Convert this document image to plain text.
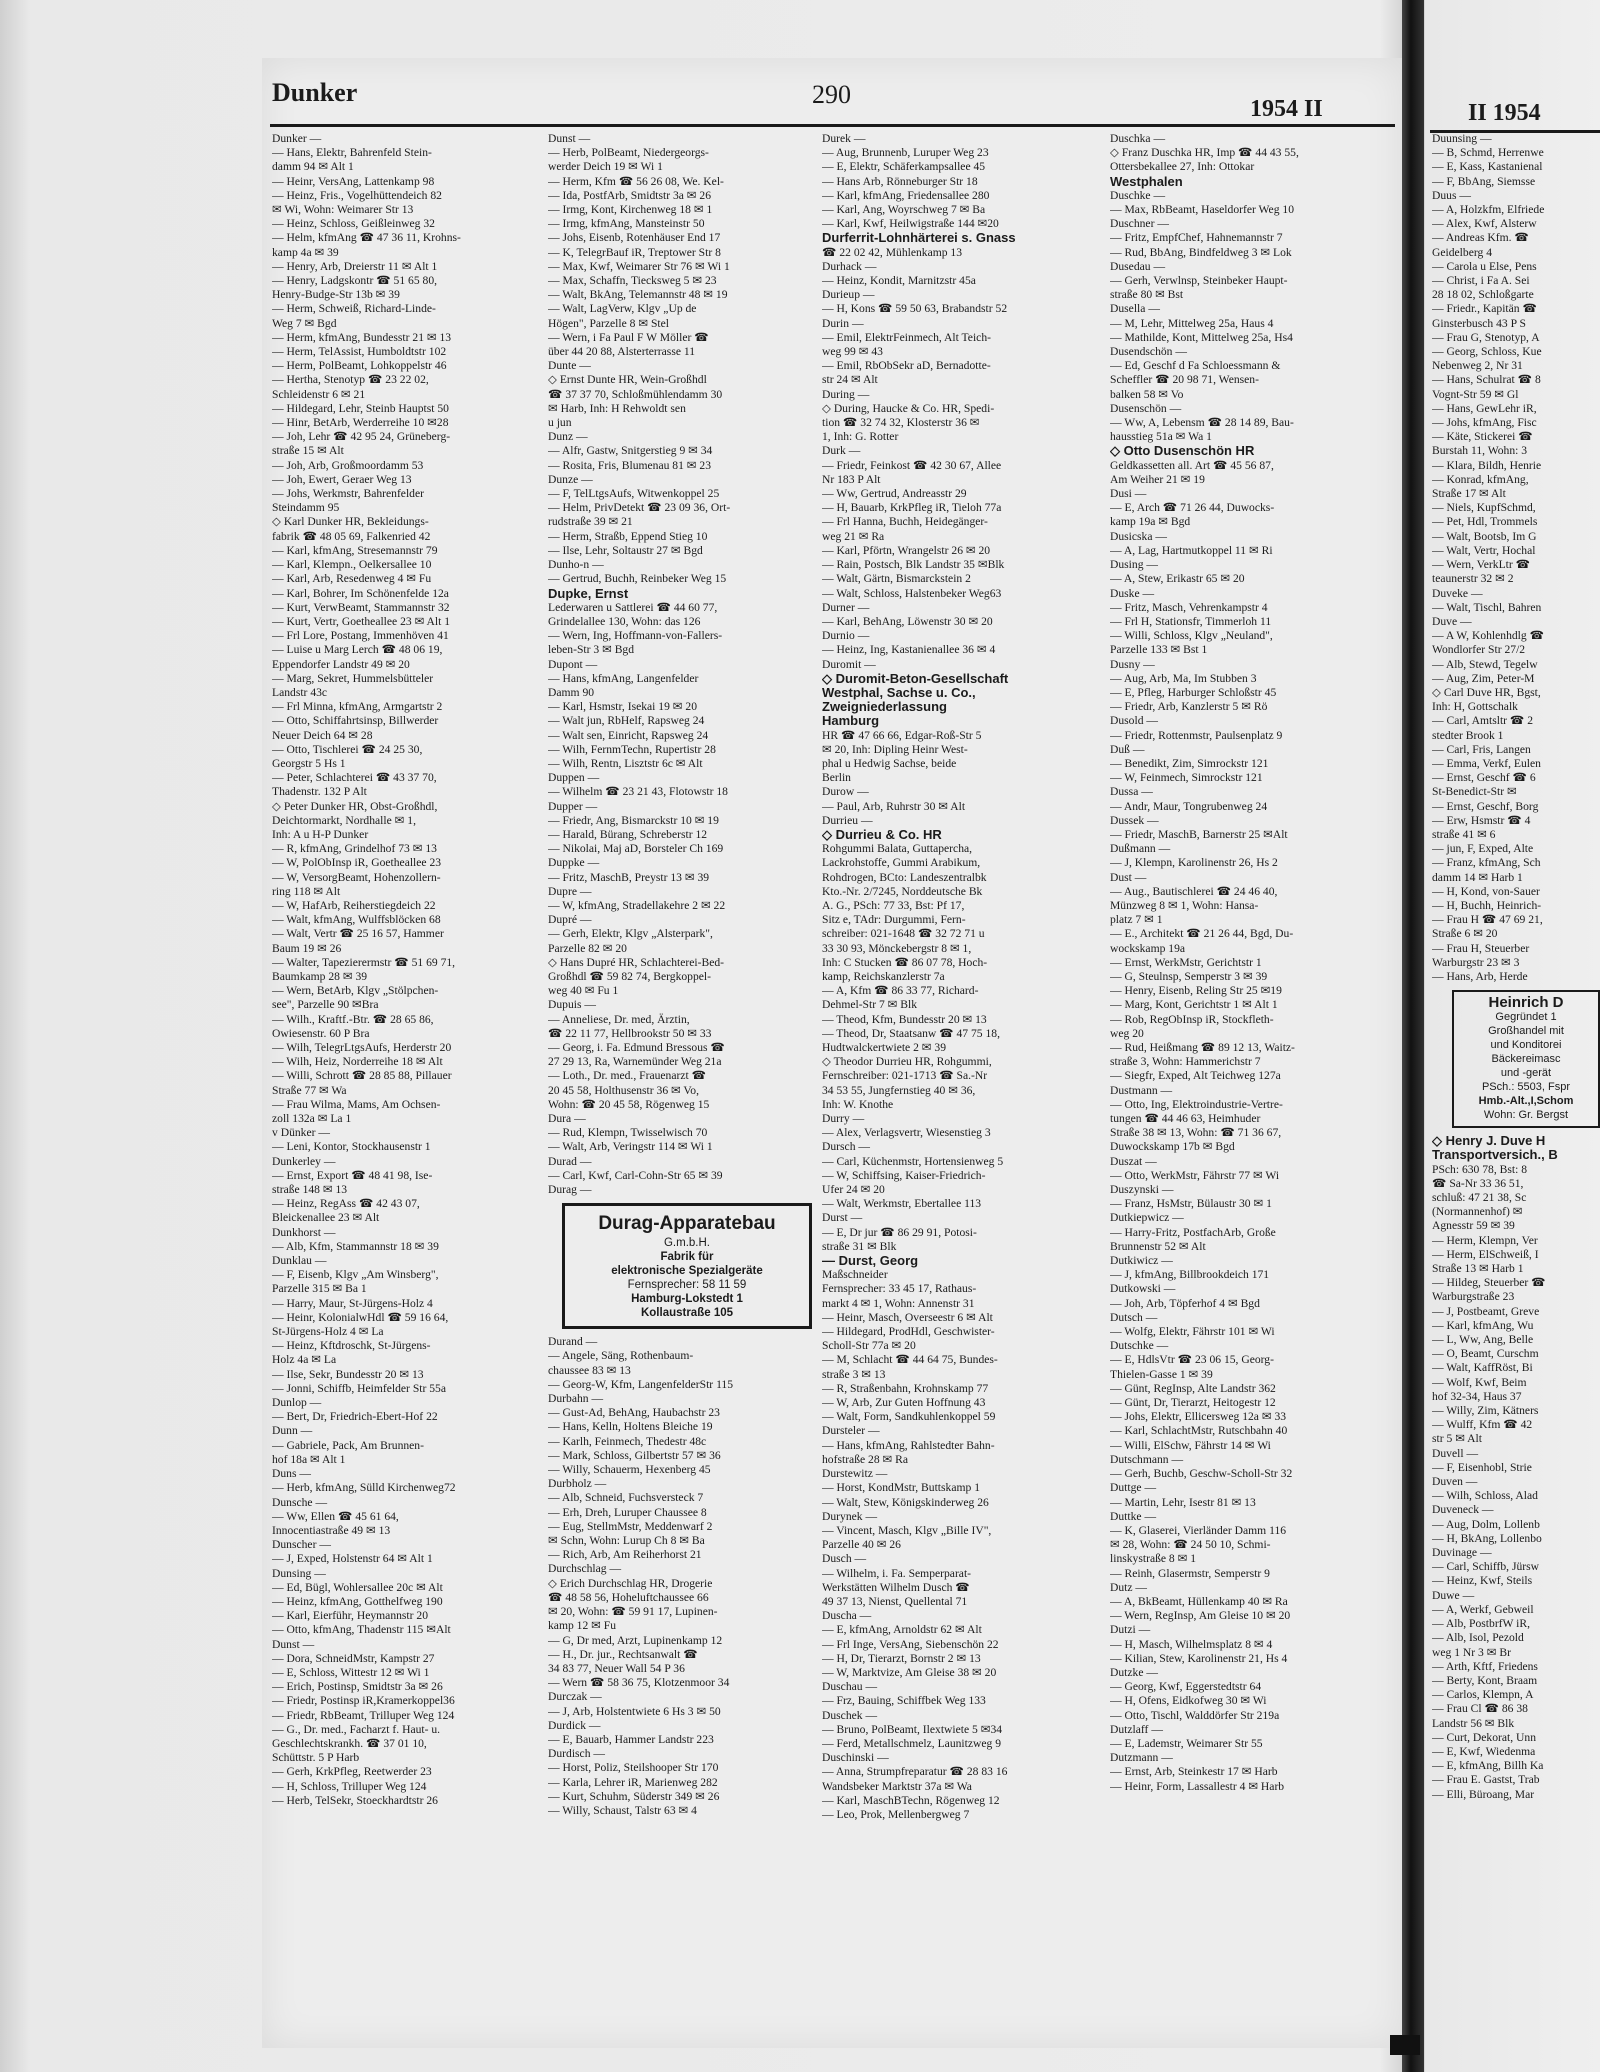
Dunker	290	1954 II	II 1954
Dunker —
— Hans, Elektr, Bahrenfeld Stein-
damm 94 ✉ Alt 1
— Heinr, VersAng, Lattenkamp 98
— Heinz, Fris., Vogelhüttendeich 82
✉ Wi, Wohn: Weimarer Str 13
— Heinz, Schloss, Geißleinweg 32
— Helm, kfmAng ☎ 47 36 11, Krohns-
kamp 4a ✉ 39
— Henry, Arb, Dreierstr 11 ✉ Alt 1
— Henry, Ladgskontr ☎ 51 65 80,
Henry-Budge-Str 13b ✉ 39
— Herm, Schweiß, Richard-Linde-
Weg 7 ✉ Bgd
— Herm, kfmAng, Bundesstr 21 ✉ 13
— Herm, TelAssist, Humboldtstr 102
— Herm, PolBeamt, Lohkoppelstr 46
— Hertha, Stenotyp ☎ 23 22 02,
Schleidenstr 6 ✉ 21
— Hildegard, Lehr, Steinb Hauptst 50
— Hinr, BetArb, Werderreihe 10 ✉28
— Joh, Lehr ☎ 42 95 24, Grüneberg-
straße 15 ✉ Alt
— Joh, Arb, Großmoordamm 53
— Joh, Ewert, Geraer Weg 13
— Johs, Werkmstr, Bahrenfelder
Steindamm 95
◇ Karl Dunker HR, Bekleidungs-
fabrik ☎ 48 05 69, Falkenried 42
— Karl, kfmAng, Stresemannstr 79
— Karl, Klempn., Oelkersallee 10
— Karl, Arb, Resedenweg 4 ✉ Fu
— Karl, Bohrer, Im Schönenfelde 12a
— Kurt, VerwBeamt, Stammannstr 32
— Kurt, Vertr, Goetheallee 23 ✉ Alt 1
— Frl Lore, Postang, Immenhöven 41
— Luise u Marg Lerch ☎ 48 06 19,
Eppendorfer Landstr 49 ✉ 20
— Marg, Sekret, Hummelsbütteler
Landstr 43c
— Frl Minna, kfmAng, Armgartstr 2
— Otto, Schiffahrtsinsp, Billwerder
Neuer Deich 64 ✉ 28
— Otto, Tischlerei ☎ 24 25 30,
Georgstr 5 Hs 1
— Peter, Schlachterei ☎ 43 37 70,
Thadenstr. 132 P Alt
◇ Peter Dunker HR, Obst-Großhdl,
Deichtormarkt, Nordhalle ✉ 1,
Inh: A u H-P Dunker
— R, kfmAng, Grindelhof 73 ✉ 13
— W, PolObInsp iR, Goetheallee 23
— W, VersorgBeamt, Hohenzollern-
ring 118 ✉ Alt
— W, HafArb, Reiherstiegdeich 22
— Walt, kfmAng, Wulffsblöcken 68
— Walt, Vertr ☎ 25 16 57, Hammer
Baum 19 ✉ 26
— Walter, Tapezierermstr ☎ 51 69 71,
Baumkamp 28 ✉ 39
— Wern, BetArb, Klgv „Stölpchen-
see", Parzelle 90 ✉Bra
— Wilh., Kraftf.-Btr. ☎ 28 65 86,
Owiesenstr. 60 P Bra
— Wilh, TelegrLtgsAufs, Herderstr 20
— Wilh, Heiz, Norderreihe 18 ✉ Alt
— Willi, Schrott ☎ 28 85 88, Pillauer
Straße 77 ✉ Wa
— Frau Wilma, Mams, Am Ochsen-
zoll 132a ✉ La 1
v Dünker —
— Leni, Kontor, Stockhausenstr 1
Dunkerley —
— Ernst, Export ☎ 48 41 98, Ise-
straße 148 ✉ 13
— Heinz, RegAss ☎ 42 43 07,
Bleickenallee 23 ✉ Alt
Dunkhorst —
— Alb, Kfm, Stammannstr 18 ✉ 39
Dunklau —
— F, Eisenb, Klgv „Am Winsberg",
Parzelle 315 ✉ Ba 1
— Harry, Maur, St-Jürgens-Holz 4
— Heinr, KolonialwHdl ☎ 59 16 64,
St-Jürgens-Holz 4 ✉ La
— Heinz, Kftdroschk, St-Jürgens-
Holz 4a ✉ La
— Ilse, Sekr, Bundesstr 20 ✉ 13
— Jonni, Schiffb, Heimfelder Str 55a
Dunlop —
— Bert, Dr, Friedrich-Ebert-Hof 22
Dunn —
— Gabriele, Pack, Am Brunnen-
hof 18a ✉ Alt 1
Duns —
— Herb, kfmAng, Sülld Kirchenweg72
Dunsche —
— Ww, Ellen ☎ 45 61 64,
Innocentiastraße 49 ✉ 13
Dunscher —
— J, Exped, Holstenstr 64 ✉ Alt 1
Dunsing —
— Ed, Bügl, Wohlersallee 20c ✉ Alt
— Heinz, kfmAng, Gotthelfweg 190
— Karl, Eierführ, Heymannstr 20
— Otto, kfmAng, Thadenstr 115 ✉Alt
Dunst —
— Dora, SchneidMstr, Kampstr 27
— E, Schloss, Wittestr 12 ✉ Wi 1
— Erich, Postinsp, Smidtstr 3a ✉ 26
— Friedr, Postinsp iR,Kramerkoppel36
— Friedr, RbBeamt, Trilluper Weg 124
— G., Dr. med., Facharzt f. Haut- u.
Geschlechtskrankh. ☎ 37 01 10,
Schüttstr. 5 P Harb
— Gerh, KrkPfleg, Reetwerder 23
— H, Schloss, Trilluper Weg 124
— Herb, TelSekr, Stoeckhardtstr 26
Dunst —
— Herb, PolBeamt, Niedergeorgs-
werder Deich 19 ✉ Wi 1
— Herm, Kfm ☎ 56 26 08, We. Kel-
— Ida, PostfArb, Smidtstr 3a ✉ 26
— Irmg, Kont, Kirchenweg 18 ✉ 1
— Irmg, kfmAng, Mansteinstr 50
— Johs, Eisenb, Rotenhäuser End 17
— K, TelegrBauf iR, Treptower Str 8
— Max, Kwf, Weimarer Str 76 ✉ Wi 1
— Max, Schaffn, Tiecksweg 5 ✉ 23
— Walt, BkAng, Telemannstr 48 ✉ 19
— Walt, LagVerw, Klgv „Up de
Högen", Parzelle 8 ✉ Stel
— Wern, i Fa Paul F W Möller ☎
über 44 20 88, Alsterterrasse 11
Dunte —
◇ Ernst Dunte HR, Wein-Großhdl
☎ 37 37 70, Schloßmühlendamm 30
✉ Harb, Inh: H Rehwoldt sen
u jun
Dunz —
— Alfr, Gastw, Snitgerstieg 9 ✉ 34
— Rosita, Fris, Blumenau 81 ✉ 23
Dunze —
— F, TelLtgsAufs, Witwenkoppel 25
— Helm, PrivDetekt ☎ 23 09 36, Ort-
rudstraße 39 ✉ 21
— Herm, Straßb, Eppend Stieg 10
— Ilse, Lehr, Soltaustr 27 ✉ Bgd
Dunho-n —
— Gertrud, Buchh, Reinbeker Weg 15
Dupke, Ernst
Lederwaren u Sattlerei ☎ 44 60 77,
Grindelallee 130, Wohn: das 126
— Wern, Ing, Hoffmann-von-Fallers-
leben-Str 3 ✉ Bgd
Dupont —
— Hans, kfmAng, Langenfelder
Damm 90
— Karl, Hsmstr, Isekai 19 ✉ 20
— Walt jun, RbHelf, Rapsweg 24
— Walt sen, Einricht, Rapsweg 24
— Wilh, FernmTechn, Rupertistr 28
— Wilh, Rentn, Lisztstr 6c ✉ Alt
Duppen —
— Wilhelm ☎ 23 21 43, Flotowstr 18
Dupper —
— Friedr, Ang, Bismarckstr 10 ✉ 19
— Harald, Bürang, Schreberstr 12
— Nikolai, Maj aD, Borsteler Ch 169
Duppke —
— Fritz, MaschB, Preystr 13 ✉ 39
Dupre —
— W, kfmAng, Stradellakehre 2 ✉ 22
Dupré —
— Gerh, Elektr, Klgv „Alsterpark",
Parzelle 82 ✉ 20
◇ Hans Dupré HR, Schlachterei-Bed-
Großhdl ☎ 59 82 74, Bergkoppel-
weg 40 ✉ Fu 1
Dupuis —
— Anneliese, Dr. med, Ärztin,
☎ 22 11 77, Hellbrookstr 50 ✉ 33
— Georg, i. Fa. Edmund Bressous ☎
27 29 13, Ra, Warnemünder Weg 21a
— Loth., Dr. med., Frauenarzt ☎
20 45 58, Holthusenstr 36 ✉ Vo,
Wohn: ☎ 20 45 58, Rögenweg 15
Dura —
— Rud, Klempn, Twisselwisch 70
— Walt, Arb, Veringstr 114 ✉ Wi 1
Durad —
— Carl, Kwf, Carl-Cohn-Str 65 ✉ 39
Durag —
Durag-Apparatebau
G.m.b.H.
Fabrik für
elektronische Spezialgeräte
Fernsprecher: 58 11 59
Hamburg-Lokstedt 1
Kollaustraße 105
Durand —
— Angele, Säng, Rothenbaum-
chaussee 83 ✉ 13
— Georg-W, Kfm, LangenfelderStr 115
Durbahn —
— Gust-Ad, BehAng, Haubachstr 23
— Hans, Kelln, Holtens Bleiche 19
— Karlh, Feinmech, Thedestr 48c
— Mark, Schloss, Gilbertstr 57 ✉ 36
— Willy, Schauerm, Hexenberg 45
Durbholz —
— Alb, Schneid, Fuchsversteck 7
— Erh, Dreh, Luruper Chaussee 8
— Eug, StellmMstr, Meddenwarf 2
✉ Schn, Wohn: Lurup Ch 8 ✉ Ba
— Rich, Arb, Am Reiherhorst 21
Durchschlag —
◇ Erich Durchschlag HR, Drogerie
☎ 48 58 56, Hoheluftchaussee 66
✉ 20, Wohn: ☎ 59 91 17, Lupinen-
kamp 12 ✉ Fu
— G, Dr med, Arzt, Lupinenkamp 12
— H., Dr. jur., Rechtsanwalt ☎
34 83 77, Neuer Wall 54 P 36
— Wern ☎ 58 36 75, Klotzenmoor 34
Durczak —
— J, Arb, Holstentwiete 6 Hs 3 ✉ 50
Durdick —
— E, Bauarb, Hammer Landstr 223
Durdisch —
— Horst, Poliz, Steilshooper Str 170
— Karla, Lehrer iR, Marienweg 282
— Kurt, Schuhm, Süderstr 349 ✉ 26
— Willy, Schaust, Talstr 63 ✉ 4
Durek —
— Aug, Brunnenb, Luruper Weg 23
— E, Elektr, Schäferkampsallee 45
— Hans Arb, Rönneburger Str 18
— Karl, kfmAng, Friedensallee 280
— Karl, Ang, Woyrschweg 7 ✉ Ba
— Karl, Kwf, Heilwigstraße 144 ✉20
Durferrit-Lohnhärterei s. Gnass
☎ 22 02 42, Mühlenkamp 13
Durhack —
— Heinz, Kondit, Marnitzstr 45a
Durieup —
— H, Kons ☎ 59 50 63, Brabandstr 52
Durin —
— Emil, ElektrFeinmech, Alt Teich-
weg 99 ✉ 43
— Emil, RbObSekr aD, Bernadotte-
str 24 ✉ Alt
During —
◇ During, Haucke & Co. HR, Spedi-
tion ☎ 32 74 32, Klosterstr 36 ✉
1, Inh: G. Rotter
Durk —
— Friedr, Feinkost ☎ 42 30 67, Allee
Nr 183 P Alt
— Ww, Gertrud, Andreasstr 29
— H, Bauarb, KrkPfleg iR, Tieloh 77a
— Frl Hanna, Buchh, Heidegänger-
weg 21 ✉ Ra
— Karl, Pförtn, Wrangelstr 26 ✉ 20
— Rain, Postsch, Blk Landstr 35 ✉Blk
— Walt, Gärtn, Bismarckstein 2
— Walt, Schloss, Halstenbeker Weg63
Durner —
— Karl, BehAng, Löwenstr 30 ✉ 20
Durnio —
— Heinz, Ing, Kastanienallee 36 ✉ 4
Duromit —
◇ Duromit-Beton-Gesellschaft
Westphal, Sachse u. Co.,
Zweigniederlassung
Hamburg
HR ☎ 47 66 66, Edgar-Roß-Str 5
✉ 20, Inh: Dipling Heinr West-
phal u Hedwig Sachse, beide
Berlin
Durow —
— Paul, Arb, Ruhrstr 30 ✉ Alt
Durrieu —
◇ Durrieu & Co. HR
Rohgummi Balata, Guttapercha,
Lackrohstoffe, Gummi Arabikum,
Rohdrogen, BCto: Landeszentralbk
Kto.-Nr. 2/7245, Norddeutsche Bk
A. G., PSch: 77 33, Bst: Pf 17,
Sitz e, TAdr: Durgummi, Fern-
schreiber: 021-1648 ☎ 32 72 71 u
33 30 93, Mönckebergstr 8 ✉ 1,
Inh: C Stucken ☎ 86 07 78, Hoch-
kamp, Reichskanzlerstr 7a
— A, Kfm ☎ 86 33 77, Richard-
Dehmel-Str 7 ✉ Blk
— Theod, Kfm, Bundesstr 20 ✉ 13
— Theod, Dr, Staatsanw ☎ 47 75 18,
Hudtwalckertwiete 2 ✉ 39
◇ Theodor Durrieu HR, Rohgummi,
Fernschreiber: 021-1713 ☎ Sa.-Nr
34 53 55, Jungfernstieg 40 ✉ 36,
Inh: W. Knothe
Durry —
— Alex, Verlagsvertr, Wiesenstieg 3
Dursch —
— Carl, Küchenmstr, Hortensienweg 5
— W, Schiffsing, Kaiser-Friedrich-
Ufer 24 ✉ 20
— Walt, Werkmstr, Ebertallee 113
Durst —
— E, Dr jur ☎ 86 29 91, Potosi-
straße 31 ✉ Blk
— Durst, Georg
Maßschneider
Fernsprecher: 33 45 17, Rathaus-
markt 4 ✉ 1, Wohn: Annenstr 31
— Heinr, Masch, Overseestr 6 ✉ Alt
— Hildegard, ProdHdl, Geschwister-
Scholl-Str 77a ✉ 20
— M, Schlacht ☎ 44 64 75, Bundes-
straße 3 ✉ 13
— R, Straßenbahn, Krohnskamp 77
— W, Arb, Zur Guten Hoffnung 43
— Walt, Form, Sandkuhlenkoppel 59
Dursteler —
— Hans, kfmAng, Rahlstedter Bahn-
hofstraße 28 ✉ Ra
Durstewitz —
— Horst, KondMstr, Buttskamp 1
— Walt, Stew, Königskinderweg 26
Durynek —
— Vincent, Masch, Klgv „Bille IV",
Parzelle 40 ✉ 26
Dusch —
— Wilhelm, i. Fa. Semperparat-
Werkstätten Wilhelm Dusch ☎
49 37 13, Nienst, Quellental 71
Duscha —
— E, kfmAng, Arnoldstr 62 ✉ Alt
— Frl Inge, VersAng, Siebenschön 22
— H, Dr, Tierarzt, Bornstr 2 ✉ 13
— W, Marktvize, Am Gleise 38 ✉ 20
Duschau —
— Frz, Bauing, Schiffbek Weg 133
Duschek —
— Bruno, PolBeamt, Ilextwiete 5 ✉34
— Ferd, Metallschmelz, Launitzweg 9
Duschinski —
— Anna, Strumpfreparatur ☎ 28 83 16
Wandsbeker Marktstr 37a ✉ Wa
— Karl, MaschBTechn, Rögenweg 12
— Leo, Prok, Mellenbergweg 7
Duschka —
◇ Franz Duschka HR, Imp ☎ 44 43 55,
Ottersbekallee 27, Inh: Ottokar
Westphalen
Duschke —
— Max, RbBeamt, Haseldorfer Weg 10
Duschner —
— Fritz, EmpfChef, Hahnemannstr 7
— Rud, BbAng, Bindfeldweg 3 ✉ Lok
Dusedau —
— Gerh, Verwlnsp, Steinbeker Haupt-
straße 80 ✉ Bst
Dusella —
— M, Lehr, Mittelweg 25a, Haus 4
— Mathilde, Kont, Mittelweg 25a, Hs4
Dusendschön —
— Ed, Geschf d Fa Schloessmann &
Scheffler ☎ 20 98 71, Wensen-
balken 58 ✉ Vo
Dusenschön —
— Ww, A, Lebensm ☎ 28 14 89, Bau-
hausstieg 51a ✉ Wa 1
◇ Otto Dusenschön HR
Geldkassetten all. Art ☎ 45 56 87,
Am Weiher 21 ✉ 19
Dusi —
— E, Arch ☎ 71 26 44, Duwocks-
kamp 19a ✉ Bgd
Dusicska —
— A, Lag, Hartmutkoppel 11 ✉ Ri
Dusing —
— A, Stew, Erikastr 65 ✉ 20
Duske —
— Fritz, Masch, Vehrenkampstr 4
— Frl H, Stationsfr, Timmerloh 11
— Willi, Schloss, Klgv „Neuland",
Parzelle 133 ✉ Bst 1
Dusny —
— Aug, Arb, Ma, Im Stubben 3
— E, Pfleg, Harburger Schloßstr 45
— Friedr, Arb, Kanzlerstr 5 ✉ Rö
Dusold —
— Friedr, Rottenmstr, Paulsenplatz 9
Duß —
— Benedikt, Zim, Simrockstr 121
— W, Feinmech, Simrockstr 121
Dussa —
— Andr, Maur, Tongrubenweg 24
Dussek —
— Friedr, MaschB, Barnerstr 25 ✉Alt
Dußmann —
— J, Klempn, Karolinenstr 26, Hs 2
Dust —
— Aug., Bautischlerei ☎ 24 46 40,
Münzweg 8 ✉ 1, Wohn: Hansa-
platz 7 ✉ 1
— E., Architekt ☎ 21 26 44, Bgd, Du-
wockskamp 19a
— Ernst, WerkMstr, Gerichtstr 1
— G, Steulnsp, Semperstr 3 ✉ 39
— Henry, Eisenb, Reling Str 25 ✉19
— Marg, Kont, Gerichtstr 1 ✉ Alt 1
— Rob, RegObInsp iR, Stockfleth-
weg 20
— Rud, Heißmang ☎ 89 12 13, Waitz-
straße 3, Wohn: Hammerichstr 7
— Siegfr, Exped, Alt Teichweg 127a
Dustmann —
— Otto, Ing, Elektroindustrie-Vertre-
tungen ☎ 44 46 63, Heimhuder
Straße 38 ✉ 13, Wohn: ☎ 71 36 67,
Duwockskamp 17b ✉ Bgd
Duszat —
— Otto, WerkMstr, Fährstr 77 ✉ Wi
Duszynski —
— Franz, HsMstr, Bülaustr 30 ✉ 1
Dutkiepwicz —
— Harry-Fritz, PostfachArb, Große
Brunnenstr 52 ✉ Alt
Dutkiwicz —
— J, kfmAng, Billbrookdeich 171
Dutkowski —
— Joh, Arb, Töpferhof 4 ✉ Bgd
Dutsch —
— Wolfg, Elektr, Fährstr 101 ✉ Wi
Dutschke —
— E, HdlsVtr ☎ 23 06 15, Georg-
Thielen-Gasse 1 ✉ 39
— Günt, RegInsp, Alte Landstr 362
— Günt, Dr, Tierarzt, Heitogestr 12
— Johs, Elektr, Ellicersweg 12a ✉ 33
— Karl, SchlachtMstr, Rutschbahn 40
— Willi, ElSchw, Fährstr 14 ✉ Wi
Dutschmann —
— Gerh, Buchb, Geschw-Scholl-Str 32
Duttge —
— Martin, Lehr, Isestr 81 ✉ 13
Duttke —
— K, Glaserei, Vierländer Damm 116
✉ 28, Wohn: ☎ 24 50 10, Schmi-
linskystraße 8 ✉ 1
— Reinh, Glasermstr, Semperstr 9
Dutz —
— A, BkBeamt, Hüllenkamp 40 ✉ Ra
— Wern, RegInsp, Am Gleise 10 ✉ 20
Dutzi —
— H, Masch, Wilhelmsplatz 8 ✉ 4
— Kilian, Stew, Karolinenstr 21, Hs 4
Dutzke —
— Georg, Kwf, Eggerstedtstr 64
— H, Ofens, Eidkofweg 30 ✉ Wi
— Otto, Tischl, Walddörfer Str 219a
Dutzlaff —
— E, Lademstr, Weimarer Str 55
Dutzmann —
— Ernst, Arb, Steinkestr 17 ✉ Harb
— Heinr, Form, Lassallestr 4 ✉ Harb
Duunsing —
— B, Schmd, Herrenwe
— E, Kass, Kastanienal
— F, BbAng, Siemsse
Duus —
— A, Holzkfm, Elfriede
— Alex, Kwf, Alsterw
— Andreas Kfm. ☎
Geidelberg 4
— Carola u Else, Pens
— Christ, i Fa A. Sei
28 18 02, Schloßgarte
— Friedr., Kapitän ☎
Ginsterbusch 43 P S
— Frau G, Stenotyp, A
— Georg, Schloss, Kue
Nebenweg 2, Nr 31
— Hans, Schulrat ☎ 8
Vognt-Str 59 ✉ Gl
— Hans, GewLehr iR,
— Johs, kfmAng, Fisc
— Käte, Stickerei ☎
Burstah 11, Wohn: 3
— Klara, Bildh, Henrie
— Konrad, kfmAng,
Straße 17 ✉ Alt
— Niels, KupfSchmd,
— Pet, Hdl, Trommels
— Walt, Bootsb, Im G
— Walt, Vertr, Hochal
— Wern, VerkLtr ☎
teaunerstr 32 ✉ 2
Duveke —
— Walt, Tischl, Bahren
Duve —
— A W, Kohlenhdlg ☎
Wondlorfer Str 27/2
— Alb, Stewd, Tegelw
— Aug, Zim, Peter-M
◇ Carl Duve HR, Bgst,
Inh: H, Gottschalk
— Carl, Amtsltr ☎ 2
stedter Brook 1
— Carl, Fris, Langen
— Emma, Verkf, Eulen
— Ernst, Geschf ☎ 6
St-Benedict-Str ✉
— Ernst, Geschf, Borg
— Erw, Hsmstr ☎ 4
straße 41 ✉ 6
— jun, F, Exped, Alte
— Franz, kfmAng, Sch
damm 14 ✉ Harb 1
— H, Kond, von-Sauer
— H, Buchh, Heinrich-
— Frau H ☎ 47 69 21,
Straße 6 ✉ 20
— Frau H, Steuerber
Warburgstr 23 ✉ 3
— Hans, Arb, Herde
Heinrich D
Gegründet 1
Großhandel mit
und Konditorei
Bäckereimasc
und -gerät
PSch.: 5503, Fspr
Hmb.-Alt.,I,Schom
Wohn: Gr. Bergst
◇ Henry J. Duve H
Transportversich., B
PSch: 630 78, Bst: 8
☎ Sa-Nr 33 36 51,
schluß: 47 21 38, Sc
(Normannenhof) ✉
Agnesstr 59 ✉ 39
— Herm, Klempn, Ver
— Herm, ElSchweiß, I
Straße 13 ✉ Harb 1
— Hildeg, Steuerber ☎
Warburgstraße 23
— J, Postbeamt, Greve
— Karl, kfmAng, Wu
— L, Ww, Ang, Belle
— O, Beamt, Curschm
— Walt, KaffRöst, Bi
— Wolf, Kwf, Beim
hof 32-34, Haus 37
— Willy, Zim, Kätners
— Wulff, Kfm ☎ 42
str 5 ✉ Alt
Duvell —
— F, Eisenhobl, Strie
Duven —
— Wilh, Schloss, Alad
Duveneck —
— Aug, Dolm, Lollenb
— H, BkAng, Lollenbo
Duvinage —
— Carl, Schiffb, Jürsw
— Heinz, Kwf, Steils
Duwe —
— A, Werkf, Gebweil
— Alb, PostbrfW iR,
— Alb, Isol, Pezold
weg 1 Nr 3 ✉ Br
— Arth, Kftf, Friedens
— Berty, Kont, Braam
— Carlos, Klempn, A
— Frau Cl ☎ 86 38
Landstr 56 ✉ Blk
— Curt, Dekorat, Unn
— E, Kwf, Wiedenma
— E, kfmAng, Billh Ka
— Frau E. Gastst, Trab
— Elli, Büroang, Mar
